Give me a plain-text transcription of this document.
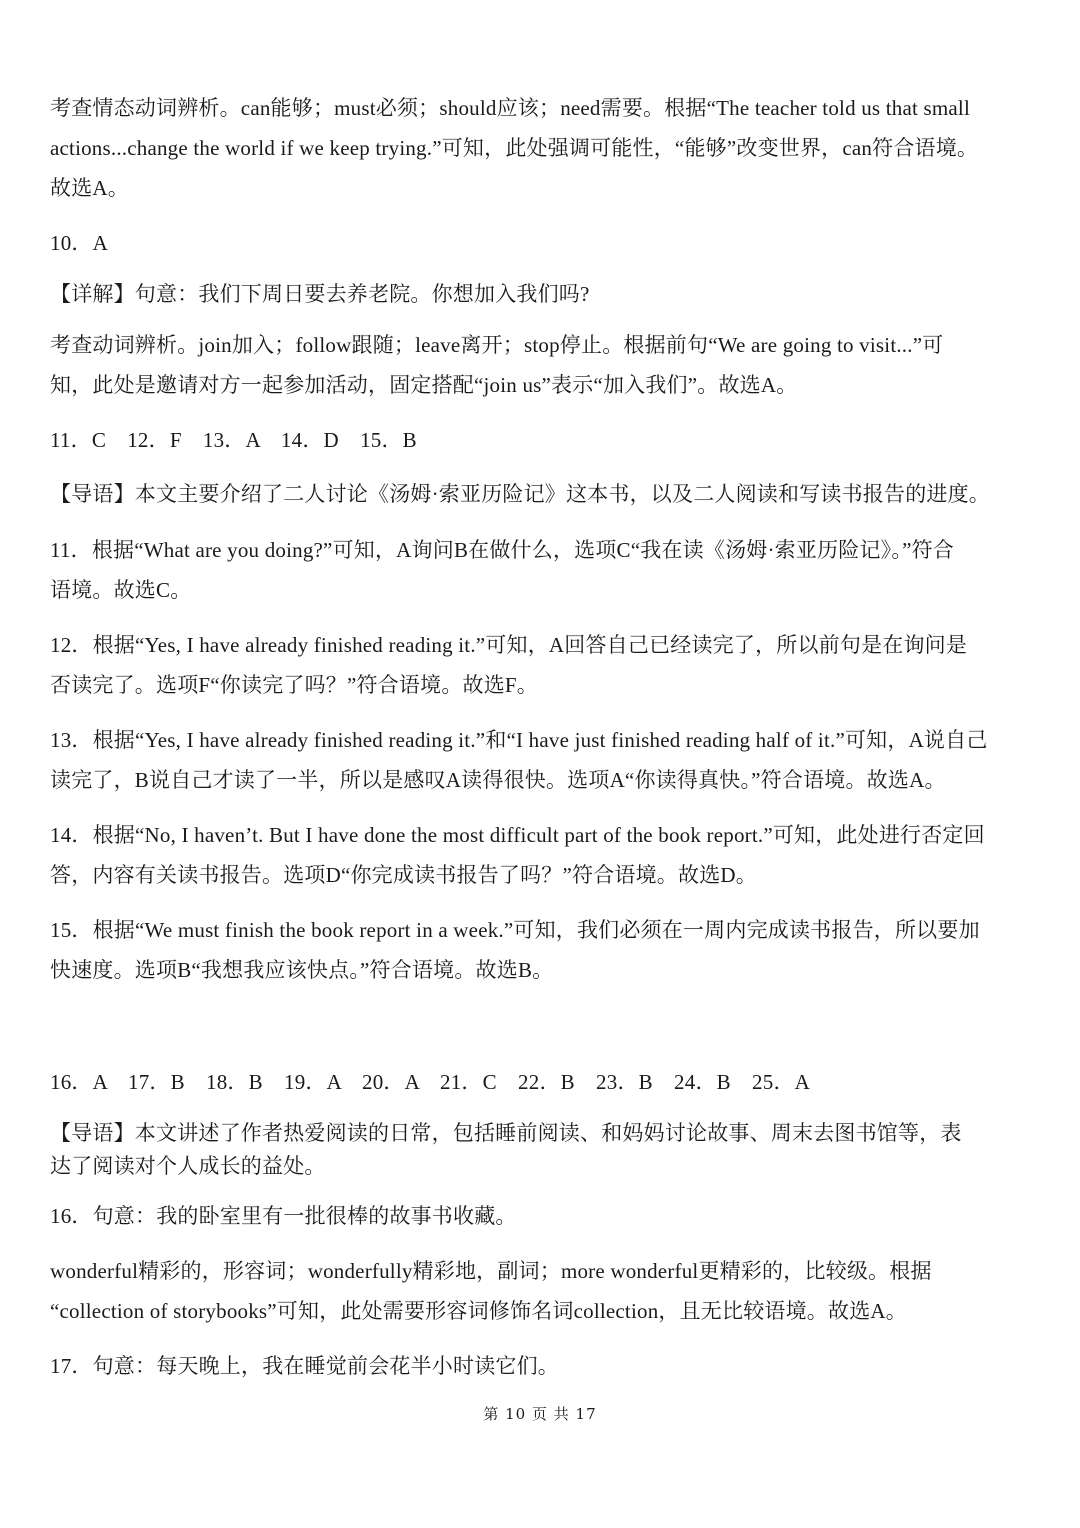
考查情态动词辨析。can能够；must必须；should应该；need需要。根据“The teacher told us that small
actions...change the world if we keep trying.”可知，此处强调可能性，“能够”改变世界，can符合语境。
故选A。
10．A
【详解】句意：我们下周日要去养老院。你想加入我们吗?
考查动词辨析。join加入；follow跟随；leave离开；stop停止。根据前句“We are going to visit...”可
知，此处是邀请对方一起参加活动，固定搭配“join us”表示“加入我们”。故选A。
11．C　12．F　13．A　14．D　15．B
【导语】本文主要介绍了二人讨论《汤姆·索亚历险记》这本书，以及二人阅读和写读书报告的进度。
11．根据“What are you doing?”可知，A询问B在做什么，选项C“我在读《汤姆·索亚历险记》。”符合
语境。故选C。
12．根据“Yes, I have already finished reading it.”可知，A回答自己已经读完了，所以前句是在询问是
否读完了。选项F“你读完了吗？”符合语境。故选F。
13．根据“Yes, I have already finished reading it.”和“I have just finished reading half of it.”可知，A说自己
读完了，B说自己才读了一半，所以是感叹A读得很快。选项A“你读得真快。”符合语境。故选A。
14．根据“No, I haven’t. But I have done the most difficult part of the book report.”可知，此处进行否定回
答，内容有关读书报告。选项D“你完成读书报告了吗？”符合语境。故选D。
15．根据“We must finish the book report in a week.”可知，我们必须在一周内完成读书报告，所以要加
快速度。选项B“我想我应该快点。”符合语境。故选B。
16．A　17．B　18．B　19．A　20．A　21．C　22．B　23．B　24．B　25．A
【导语】本文讲述了作者热爱阅读的日常，包括睡前阅读、和妈妈讨论故事、周末去图书馆等，表
达了阅读对个人成长的益处。
16．句意：我的卧室里有一批很棒的故事书收藏。
wonderful精彩的，形容词；wonderfully精彩地，副词；more wonderful更精彩的，比较级。根据
“collection of storybooks”可知，此处需要形容词修饰名词collection，且无比较语境。故选A。
17．句意：每天晚上，我在睡觉前会花半小时读它们。
第 10 页 共 17
